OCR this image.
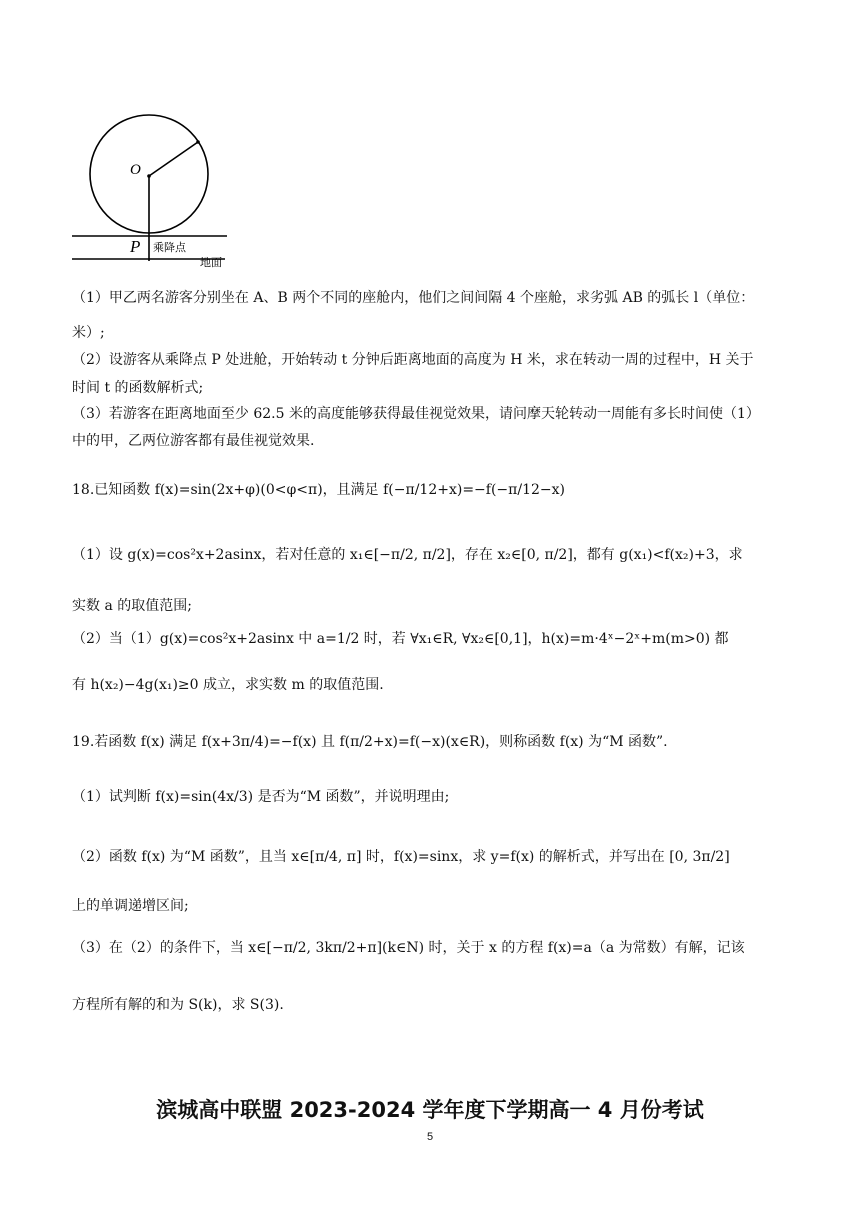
O
P 乘降点
地面
（1）甲乙两名游客分别坐在 A、B 两个不同的座舱内，他们之间间隔 4 个座舱，求劣弧 AB 的弧长 l（单位：
米）;
（2）设游客从乘降点 P 处进舱，开始转动 t 分钟后距离地面的高度为 H 米，求在转动一周的过程中，H 关于
时间 t 的函数解析式;
（3）若游客在距离地面至少 62.5 米的高度能够获得最佳视觉效果，请问摩天轮转动一周能有多长时间使（1）
中的甲，乙两位游客都有最佳视觉效果.
18.已知函数 f(x)=sin(2x+φ)(0<φ<π)，且满足 f(−π/12+x)=−f(−π/12−x)
（1）设 g(x)=cos²x+2asinx，若对任意的 x₁∈[−π/2, π/2]，存在 x₂∈[0, π/2]，都有 g(x₁)<f(x₂)+3，求
实数 a 的取值范围;
（2）当（1）g(x)=cos²x+2asinx 中 a=1/2 时，若 ∀x₁∈R, ∀x₂∈[0,1]，h(x)=m·4ˣ−2ˣ+m(m>0) 都
有 h(x₂)−4g(x₁)≥0 成立，求实数 m 的取值范围.
19.若函数 f(x) 满足 f(x+3π/4)=−f(x) 且 f(π/2+x)=f(−x)(x∈R)，则称函数 f(x) 为“M 函数”.
（1）试判断 f(x)=sin(4x/3) 是否为“M 函数”，并说明理由;
（2）函数 f(x) 为“M 函数”，且当 x∈[π/4, π] 时，f(x)=sinx，求 y=f(x) 的解析式，并写出在 [0, 3π/2]
上的单调递增区间;
（3）在（2）的条件下，当 x∈[−π/2, 3kπ/2+π](k∈N) 时，关于 x 的方程 f(x)=a（a 为常数）有解，记该
方程所有解的和为 S(k)，求 S(3).
滨城高中联盟 2023-2024 学年度下学期高一 4 月份考试
5
